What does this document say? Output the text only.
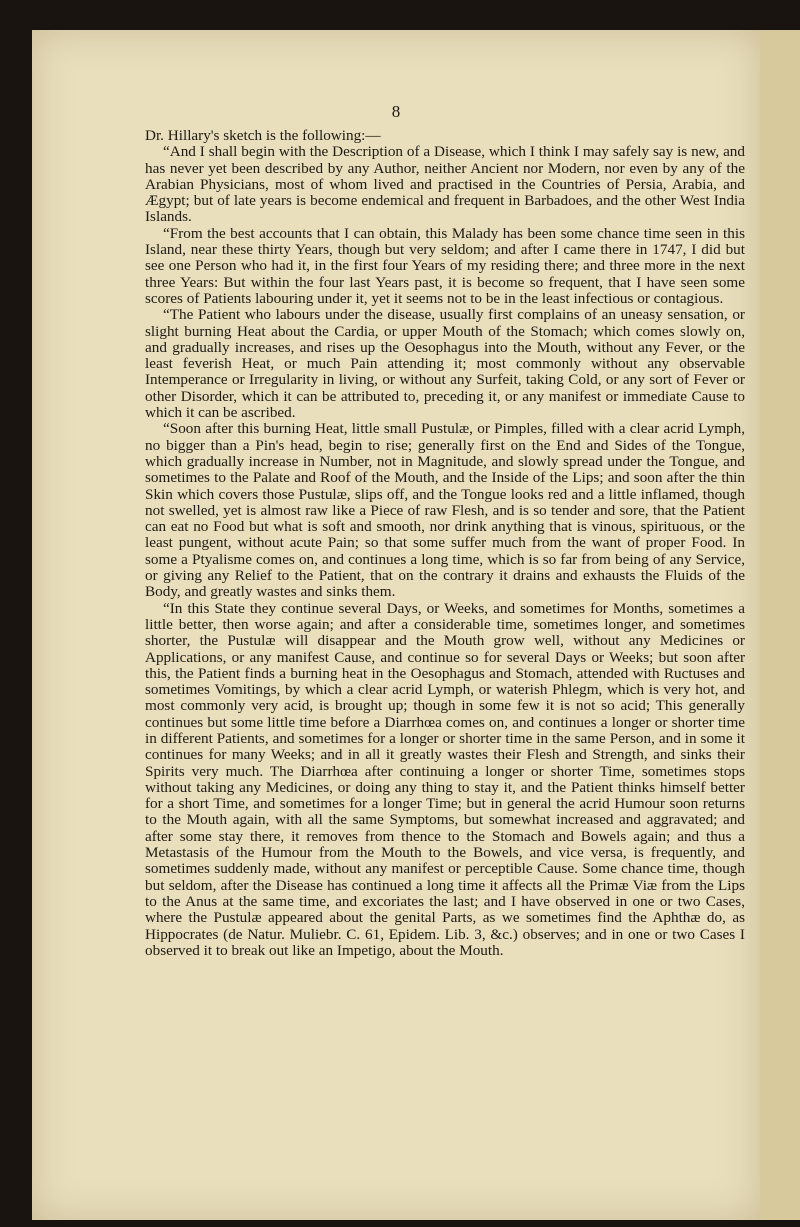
8

Dr. Hillary's sketch is the following:—

“And I shall begin with the Description of a Disease, which I think I may safely say is new, and has never yet been described by any Author, neither Ancient nor Modern, nor even by any of the Arabian Physicians, most of whom lived and practised in the Countries of Persia, Arabia, and Ægypt; but of late years is become endemical and frequent in Barbadoes, and the other West India Islands.

“From the best accounts that I can obtain, this Malady has been some chance time seen in this Island, near these thirty Years, though but very seldom; and after I came there in 1747, I did but see one Person who had it, in the first four Years of my residing there; and three more in the next three Years: But within the four last Years past, it is become so frequent, that I have seen some scores of Patients labouring under it, yet it seems not to be in the least infectious or contagious.

“The Patient who labours under the disease, usually first complains of an uneasy sensation, or slight burning Heat about the Cardia, or upper Mouth of the Stomach; which comes slowly on, and gradually increases, and rises up the Oesophagus into the Mouth, without any Fever, or the least feverish Heat, or much Pain attending it; most commonly without any observable Intemperance or Irregularity in living, or without any Surfeit, taking Cold, or any sort of Fever or other Disorder, which it can be attributed to, preceding it, or any manifest or immediate Cause to which it can be ascribed.

“Soon after this burning Heat, little small Pustulæ, or Pimples, filled with a clear acrid Lymph, no bigger than a Pin's head, begin to rise; generally first on the End and Sides of the Tongue, which gradually increase in Number, not in Magnitude, and slowly spread under the Tongue, and sometimes to the Palate and Roof of the Mouth, and the Inside of the Lips; and soon after the thin Skin which covers those Pustulæ, slips off, and the Tongue looks red and a little inflamed, though not swelled, yet is almost raw like a Piece of raw Flesh, and is so tender and sore, that the Patient can eat no Food but what is soft and smooth, nor drink anything that is vinous, spirituous, or the least pungent, without acute Pain; so that some suffer much from the want of proper Food. In some a Ptyalisme comes on, and continues a long time, which is so far from being of any Service, or giving any Relief to the Patient, that on the contrary it drains and exhausts the Fluids of the Body, and greatly wastes and sinks them.

“In this State they continue several Days, or Weeks, and sometimes for Months, sometimes a little better, then worse again; and after a considerable time, sometimes longer, and sometimes shorter, the Pustulæ will disappear and the Mouth grow well, without any Medicines or Applications, or any manifest Cause, and continue so for several Days or Weeks; but soon after this, the Patient finds a burning heat in the Oesophagus and Stomach, attended with Ructuses and sometimes Vomitings, by which a clear acrid Lymph, or waterish Phlegm, which is very hot, and most commonly very acid, is brought up; though in some few it is not so acid; This generally continues but some little time before a Diarrhœa comes on, and continues a longer or shorter time in different Patients, and sometimes for a longer or shorter time in the same Person, and in some it continues for many Weeks; and in all it greatly wastes their Flesh and Strength, and sinks their Spirits very much. The Diarrhœa after continuing a longer or shorter Time, sometimes stops without taking any Medicines, or doing any thing to stay it, and the Patient thinks himself better for a short Time, and sometimes for a longer Time; but in general the acrid Humour soon returns to the Mouth again, with all the same Symptoms, but somewhat increased and aggravated; and after some stay there, it removes from thence to the Stomach and Bowels again; and thus a Metastasis of the Humour from the Mouth to the Bowels, and vice versa, is frequently, and sometimes suddenly made, without any manifest or perceptible Cause. Some chance time, though but seldom, after the Disease has continued a long time it affects all the Primæ Viæ from the Lips to the Anus at the same time, and excoriates the last; and I have observed in one or two Cases, where the Pustulæ appeared about the genital Parts, as we sometimes find the Aphthæ do, as Hippocrates (de Natur. Muliebr. C. 61, Epidem. Lib. 3, &c.) observes; and in one or two Cases I observed it to break out like an Impetigo, about the Mouth.
